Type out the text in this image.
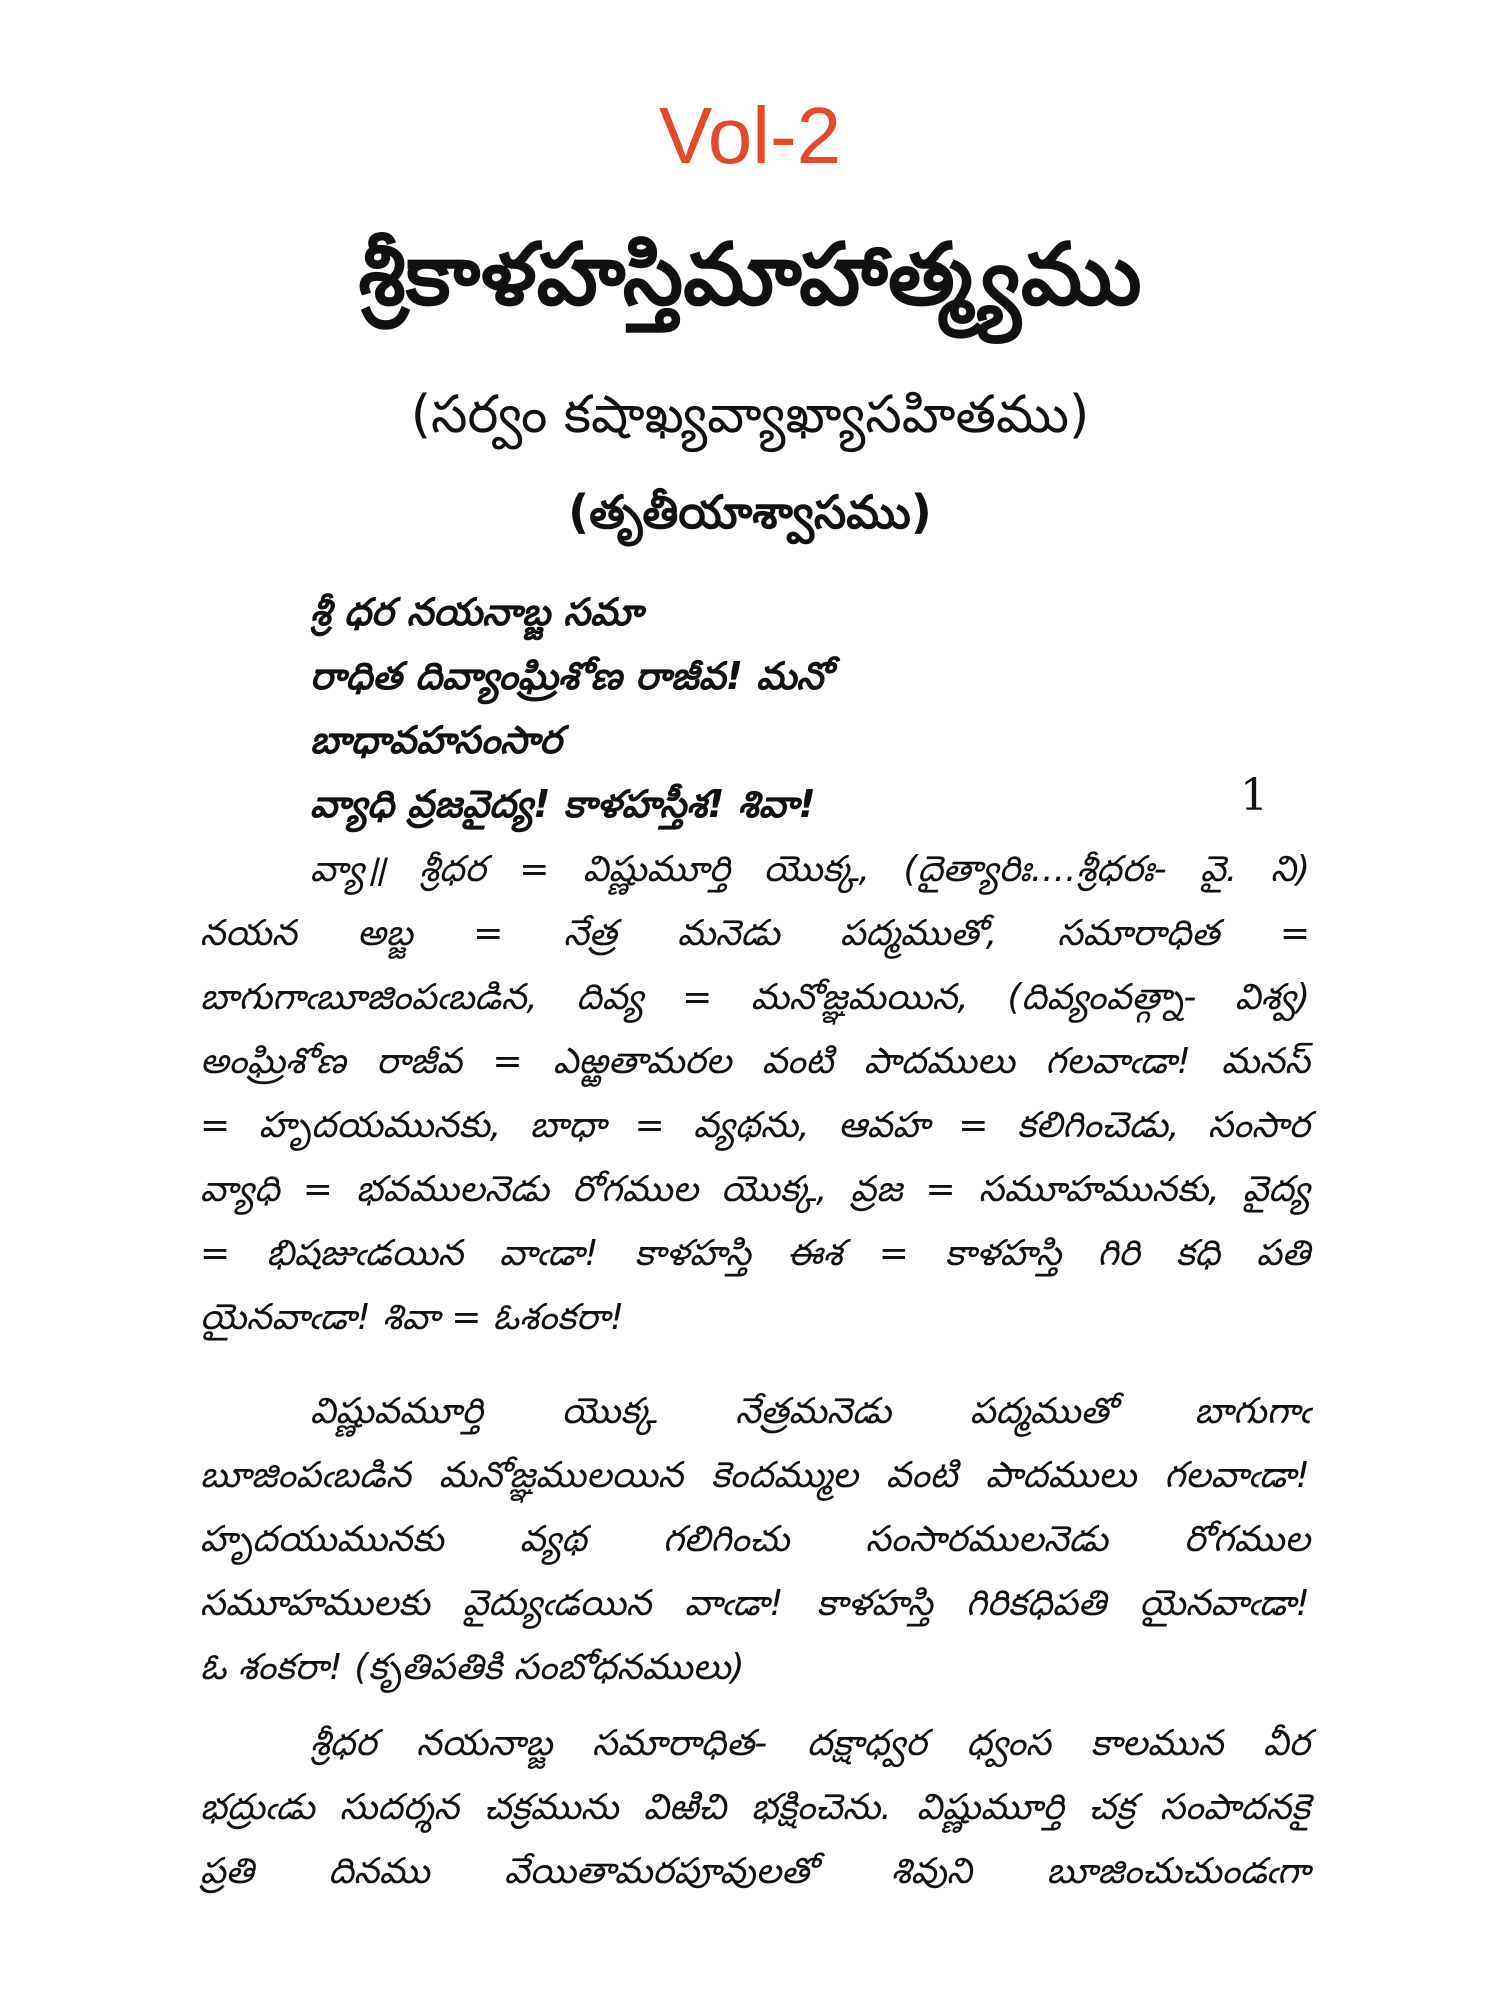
Vol-2
శ్రీకాళహస్తిమాహాత్మ్యము
(సర్వం కషాఖ్యవ్యాఖ్యాసహితము)
(తృతీయాశ్వాసము)
శ్రీ ధర నయనాబ్జ సమా
రాధిత దివ్యాంఘ్రిశోణ రాజీవ! మనో
బాధావహసంసార
వ్యాధి వ్రజవైద్య! కాళహస్తీశ! శివా!	1
వ్యా॥ శ్రీధర = విష్ణుమూర్తి యొక్క, (దైత్యారిః....శ్రీధరః- వై. ని)
నయన అబ్జ = నేత్ర మనెడు పద్మముతో, సమారాధిత =
బాగుగాఁబూజింపఁబడిన, దివ్య = మనోజ్ఞమయిన, (దివ్యంవత్గ్నా- విశ్వ)
అంఘ్రిశోణ రాజీవ = ఎఱ్ఱతామరల వంటి పాదములు గలవాఁడా! మనస్
= హృదయమునకు, బాధా = వ్యథను, ఆవహ = కలిగించెడు, సంసార
వ్యాధి = భవములనెడు రోగముల యొక్క, వ్రజ = సమూహమునకు, వైద్య
= భిషజుఁడయిన వాఁడా! కాళహస్తి ఈశ = కాళహస్తి గిరి కధి పతి
యైనవాఁడా! శివా = ఓశంకరా!
విష్ణువమూర్తి యొక్క నేత్రమనెడు పద్మముతో బాగుగాఁ
బూజింపఁబడిన మనోజ్ఞములయిన కెందమ్ముల వంటి పాదములు గలవాఁడా!
హృదయుమునకు వ్యథ గలిగించు సంసారములనెడు రోగముల
సమూహములకు వైద్యుఁడయిన వాఁడా! కాళహస్తి గిరికధిపతి యైనవాఁడా!
ఓ శంకరా! (కృతిపతికి సంబోధనములు)
శ్రీధర నయనాబ్జ సమారాధిత- దక్షాధ్వర ధ్వంస కాలమున వీర
భద్రుఁడు సుదర్శన చక్రమును విఱిచి భక్షించెను. విష్ణుమూర్తి చక్ర సంపాదనకై
ప్రతి దినము వేయితామరపూవులతో శివుని బూజించుచుండఁగా
